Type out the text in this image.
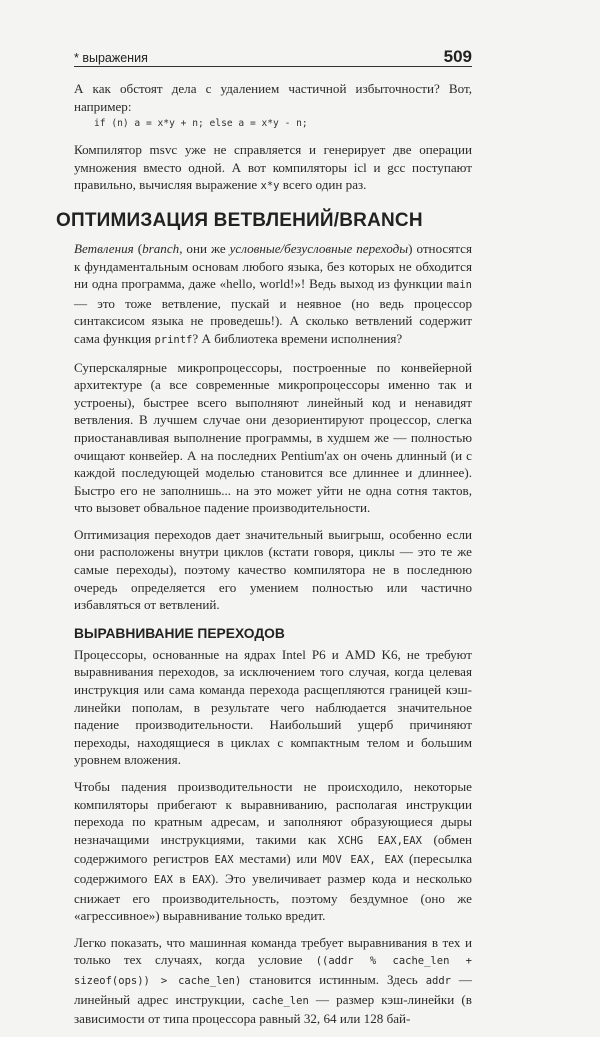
* выражения	509

А как обстоят дела с удалением частичной избыточности? Вот, например:

if (n) a = x*y + n; else a = x*y - n;

Компилятор msvc уже не справляется и генерирует две операции умножения вместо одной. А вот компиляторы icl и gcc поступают правильно, вычисляя выражение x*y всего один раз.

ОПТИМИЗАЦИЯ ВЕТВЛЕНИЙ/BRANCH

Ветвления (branch, они же условные/безусловные переходы) относятся к фундаментальным основам любого языка, без которых не обходится ни одна программа, даже «hello, world!»! Ведь выход из функции main — это тоже ветвление, пускай и неявное (но ведь процессор синтаксисом языка не проведешь!). А сколько ветвлений содержит сама функция printf? А библиотека времени исполнения?

Суперскалярные микропроцессоры, построенные по конвейерной архитектуре (а все современные микропроцессоры именно так и устроены), быстрее всего выполняют линейный код и ненавидят ветвления. В лучшем случае они дезориентируют процессор, слегка приостанавливая выполнение программы, в худшем же — полностью очищают конвейер. А на последних Pentium'ах он очень длинный (и с каждой последующей моделью становится все длиннее и длиннее). Быстро его не заполнишь... на это может уйти не одна сотня тактов, что вызовет обвальное падение производительности.

Оптимизация переходов дает значительный выигрыш, особенно если они расположены внутри циклов (кстати говоря, циклы — это те же самые переходы), поэтому качество компилятора не в последнюю очередь определяется его умением полностью или частично избавляться от ветвлений.

ВЫРАВНИВАНИЕ ПЕРЕХОДОВ

Процессоры, основанные на ядрах Intel P6 и AMD K6, не требуют выравнивания переходов, за исключением того случая, когда целевая инструкция или сама команда перехода расщепляются границей кэш-линейки пополам, в результате чего наблюдается значительное падение производительности. Наибольший ущерб причиняют переходы, находящиеся в циклах с компактным телом и большим уровнем вложения.

Чтобы падения производительности не происходило, некоторые компиляторы прибегают к выравниванию, располагая инструкции перехода по кратным адресам, и заполняют образующиеся дыры незначащими инструкциями, такими как XCHG EAX,EAX (обмен содержимого регистров EAX местами) или MOV EAX, EAX (пересылка содержимого EAX в EAX). Это увеличивает размер кода и несколько снижает его производительность, поэтому бездумное (оно же «агрессивное») выравнивание только вредит.

Легко показать, что машинная команда требует выравнивания в тех и только тех случаях, когда условие ((addr % cache_len + sizeof(ops)) > cache_len) становится истинным. Здесь addr — линейный адрес инструкции, cache_len — размер кэш-линейки (в зависимости от типа процессора равный 32, 64 или 128 бай-
